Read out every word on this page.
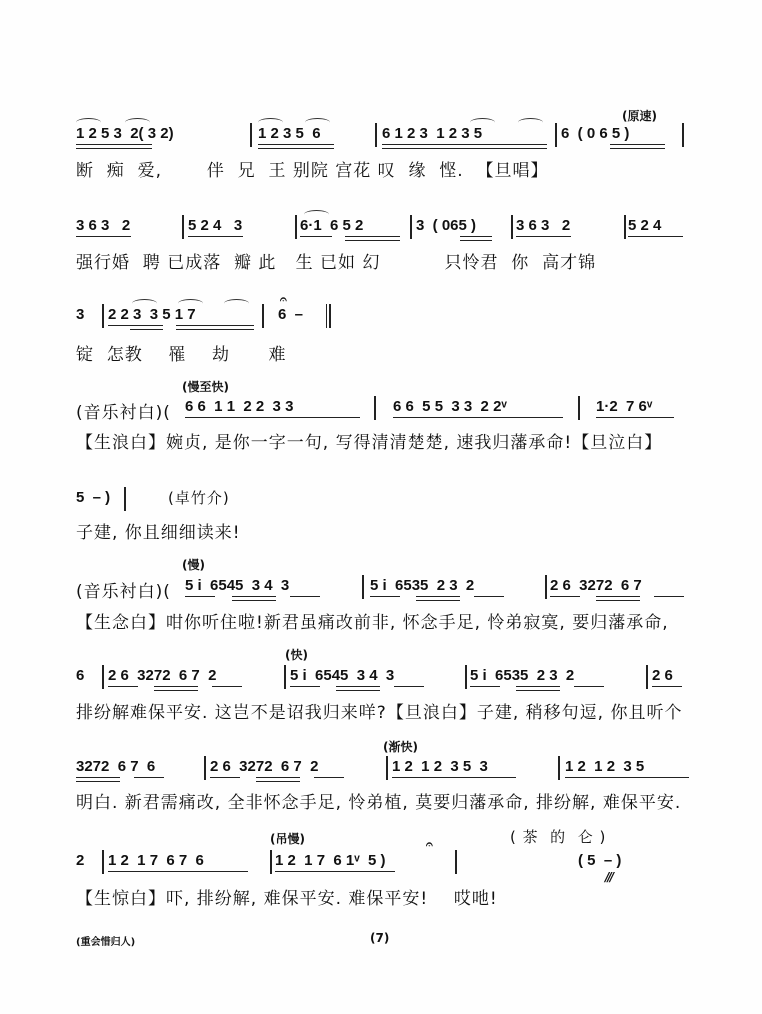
(原速)
1 2 5 3  2( 3 2)	1 2 3 5  6	6 1 2 3  1 2 3 5	6  ( 0 6 5 )
断  痴  爱,       伴  兄  王 别院 宫花 叹  缘  悭.  【旦唱】
3 6 3   2	5 2 4   3	6·1  6 5 2	3  ( 065 )	3 6 3   2	5 2 4
强行婚  聘 已成落  瓣 此   生 已如 幻          只怜君  你  高才锦
3 2 2 3  3 5 1 7	6  –
𝄐
锭  怎教    罹    劫      难
(慢至快)
(音乐衬白)( 6 6  1 1  2 2  3 3	6 6  5 5  3 3  2 2ᵛ	1·2  7 6ᵛ
【生浪白】婉贞, 是你一字一句, 写得清清楚楚, 速我归藩承命!【旦泣白】
5  – )	(卓竹介)
子建, 你且细细读来!
(慢)
(音乐衬白)( 5 i  6545  3 4  3	5 i  6535  2 3  2	2 6  3272  6 7
【生念白】咁你听住啦!新君虽痛改前非, 怀念手足, 怜弟寂寞, 要归藩承命,
(快)
6 2 6  3272  6 7  2	5 i  6545  3 4  3	5 i  6535  2 3  2	2 6
排纷解难保平安. 这岂不是诏我归来咩?【旦浪白】子建, 稍移句逗, 你且听个
(渐快)
3272  6 7  6	2 6  3272  6 7  2	1 2  1 2  3 5  3	1 2  1 2  3 5
明白. 新君需痛改, 全非怀念手足, 怜弟植, 莫要归藩承命, 排纷解, 难保平安.
(吊慢)	( 茶  的  仑 )
2 1 2  1 7  6 7  6	1 2  1 7  6 1ᵛ  5 )
𝄐
( 5  – )
///
【生惊白】吓, 排纷解, 难保平安. 难保平安!    哎吔!
(重会惜归人)	(7)
